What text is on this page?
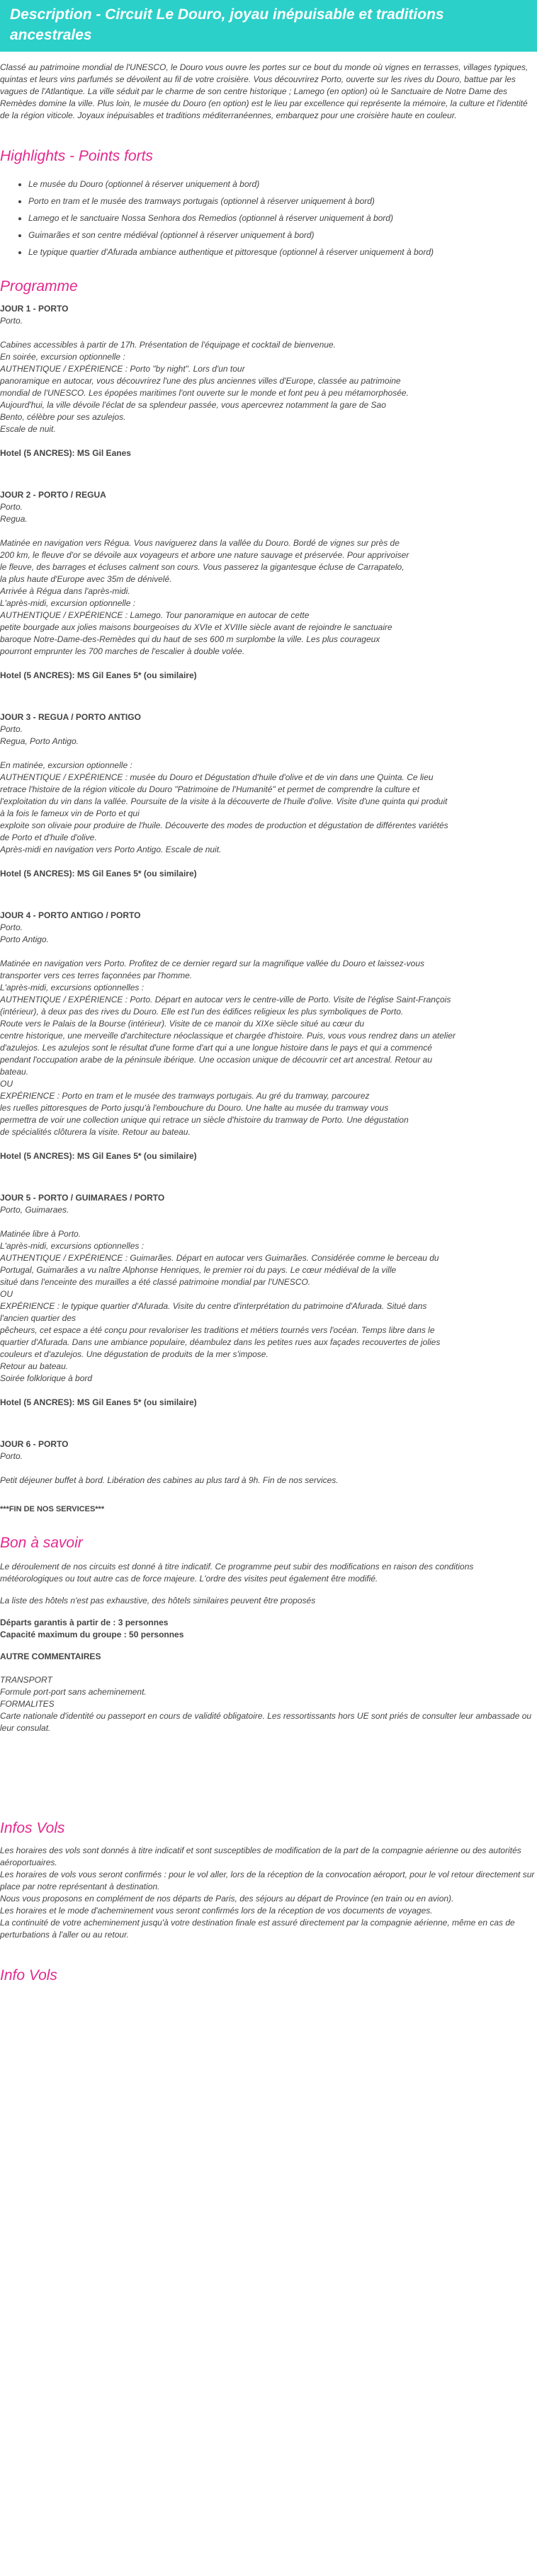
Description - Circuit Le Douro, joyau inépuisable et traditions ancestrales

Classé au patrimoine mondial de l'UNESCO, le Douro vous ouvre les portes sur ce bout du monde où vignes en terrasses, villages typiques, quintas et leurs vins parfumés se dévoilent au fil de votre croisière. Vous découvrirez Porto, ouverte sur les rives du Douro, battue par les vagues de l'Atlantique. La ville séduit par le charme de son centre historique ; Lamego (en option) où le Sanctuaire de Notre Dame des Remèdes domine la ville. Plus loin, le musée du Douro (en option) est le lieu par excellence qui représente la mémoire, la culture et l'identité de la région viticole. Joyaux inépuisables et traditions méditerranéennes, embarquez pour une croisière haute en couleur.

Highlights - Points forts
• Le musée du Douro (optionnel à réserver uniquement à bord)
• Porto en tram et le musée des tramways portugais (optionnel à réserver uniquement à bord)
• Lamego et le sanctuaire Nossa Senhora dos Remedios (optionnel à réserver uniquement à bord)
• Guimarães et son centre médiéval (optionnel à réserver uniquement à bord)
• Le typique quartier d'Afurada ambiance authentique et pittoresque (optionnel à réserver uniquement à bord)
Programme

JOUR 1 - PORTO

Porto.

Cabines accessibles à partir de 17h. Présentation de l'équipage et cocktail de bienvenue.

En soirée, excursion optionnelle :

AUTHENTIQUE / EXPÉRIENCE : Porto "by night". Lors d'un tour

panoramique en autocar, vous découvrirez l'une des plus anciennes villes d'Europe, classée au patrimoine

mondial de l'UNESCO. Les épopées maritimes l'ont ouverte sur le monde et font peu à peu métamorphosée.

Aujourd'hui, la ville dévoile l'éclat de sa splendeur passée, vous apercevrez notamment la gare de Sao

Bento, célèbre pour ses azulejos.

Escale de nuit.

Hotel (5 ANCRES): MS Gil Eanes

JOUR 2 - PORTO / REGUA

Porto.

Regua.

Matinée en navigation vers Régua. Vous naviguerez dans la vallée du Douro. Bordé de vignes sur près de

200 km, le fleuve d'or se dévoile aux voyageurs et arbore une nature sauvage et préservée. Pour apprivoiser

le fleuve, des barrages et écluses calment son cours. Vous passerez la gigantesque écluse de Carrapatelo,

la plus haute d'Europe avec 35m de dénivelé.

Arrivée à Régua dans l'après-midi.

L'après-midi, excursion optionnelle :

AUTHENTIQUE / EXPÉRIENCE : Lamego. Tour panoramique en autocar de cette

petite bourgade aux jolies maisons bourgeoises du XVIe et XVIIIe siècle avant de rejoindre le sanctuaire

baroque Notre-Dame-des-Remèdes qui du haut de ses 600 m surplombe la ville. Les plus courageux

pourront emprunter les 700 marches de l'escalier à double volée.

Hotel (5 ANCRES): MS Gil Eanes 5* (ou similaire)

JOUR 3 - REGUA / PORTO ANTIGO

Porto.

Regua, Porto Antigo.

En matinée, excursion optionnelle :

AUTHENTIQUE / EXPÉRIENCE : musée du Douro et Dégustation d'huile d'olive et de vin dans une Quinta. Ce lieu

retrace l'histoire de la région viticole du Douro "Patrimoine de l'Humanité" et permet de comprendre la culture et

l'exploitation du vin dans la vallée. Poursuite de la visite à la découverte de l'huile d'olive. Visite d'une quinta qui produit

à la fois le fameux vin de Porto et qui

exploite son olivaie pour produire de l'huile. Découverte des modes de production et dégustation de différentes variétés

de Porto et d'huile d'olive.

Après-midi en navigation vers Porto Antigo. Escale de nuit.

Hotel (5 ANCRES): MS Gil Eanes 5* (ou similaire)

JOUR 4 - PORTO ANTIGO / PORTO

Porto.

Porto Antigo.

Matinée en navigation vers Porto. Profitez de ce dernier regard sur la magnifique vallée du Douro et laissez-vous

transporter vers ces terres façonnées par l'homme.

L'après-midi, excursions optionnelles :

AUTHENTIQUE / EXPÉRIENCE : Porto. Départ en autocar vers le centre-ville de Porto. Visite de l'église Saint-François

(intérieur), à deux pas des rives du Douro. Elle est l'un des édifices religieux les plus symboliques de Porto.

Route vers le Palais de la Bourse (intérieur). Visite de ce manoir du XIXe siècle situé au cœur du

centre historique, une merveille d'architecture néoclassique et chargée d'histoire. Puis, vous vous rendrez dans un atelier

d'azulejos. Les azulejos sont le résultat d'une forme d'art qui a une longue histoire dans le pays et qui a commencé

pendant l'occupation arabe de la péninsule ibérique. Une occasion unique de découvrir cet art ancestral. Retour au

bateau.

OU

EXPÉRIENCE : Porto en tram et le musée des tramways portugais. Au gré du tramway, parcourez

les ruelles pittoresques de Porto jusqu'à l'embouchure du Douro. Une halte au musée du tramway vous

permettra de voir une collection unique qui retrace un siècle d'histoire du tramway de Porto. Une dégustation

de spécialités clôturera la visite. Retour au bateau.

Hotel (5 ANCRES): MS Gil Eanes 5* (ou similaire)

JOUR 5 - PORTO / GUIMARAES / PORTO

Porto, Guimaraes.

Matinée libre à Porto.

L'après-midi, excursions optionnelles :

AUTHENTIQUE / EXPÉRIENCE : Guimarães. Départ en autocar vers Guimarães. Considérée comme le berceau du

Portugal, Guimarães a vu naître Alphonse Henriques, le premier roi du pays. Le cœur médiéval de la ville

situé dans l'enceinte des murailles a été classé patrimoine mondial par l'UNESCO.

OU

EXPÉRIENCE : le typique quartier d'Afurada. Visite du centre d'interprétation du patrimoine d'Afurada. Situé dans

l'ancien quartier des

pêcheurs, cet espace a été conçu pour revaloriser les traditions et métiers tournés vers l'océan. Temps libre dans le

quartier d'Afurada. Dans une ambiance populaire, déambulez dans les petites rues aux façades recouvertes de jolies

couleurs et d'azulejos. Une dégustation de produits de la mer s'impose.

Retour au bateau.

Soirée folklorique à bord

Hotel (5 ANCRES): MS Gil Eanes 5* (ou similaire)

JOUR 6 - PORTO

Porto.

Petit déjeuner buffet à bord. Libération des cabines au plus tard à 9h. Fin de nos services.

***FIN DE NOS SERVICES***

Bon à savoir

Le déroulement de nos circuits est donné à titre indicatif. Ce programme peut subir des modifications en raison des conditions météorologiques ou tout autre cas de force majeure. L'ordre des visites peut également être modifié.

La liste des hôtels n'est pas exhaustive, des hôtels similaires peuvent être proposés

Départs garantis à partir de : 3 personnes

Capacité maximum du groupe : 50 personnes

AUTRE COMMENTAIRES

TRANSPORT

Formule port-port sans acheminement.

FORMALITES

Carte nationale d'identité ou passeport en cours de validité obligatoire. Les ressortissants hors UE sont priés de consulter leur ambassade ou leur consulat.

Infos Vols

Les horaires des vols sont donnés à titre indicatif et sont susceptibles de modification de la part de la compagnie aérienne ou des autorités aéroportuaires.

Les horaires de vols vous seront confirmés : pour le vol aller, lors de la réception de la convocation aéroport, pour le vol retour directement sur place par notre représentant à destination.

Nous vous proposons en complément de nos départs de Paris, des séjours au départ de Province (en train ou en avion).

Les horaires et le mode d'acheminement vous seront confirmés lors de la réception de vos documents de voyages.

La continuité de votre acheminement jusqu'à votre destination finale est assuré directement par la compagnie aérienne, même en cas de perturbations à l'aller ou au retour.

Info Vols
